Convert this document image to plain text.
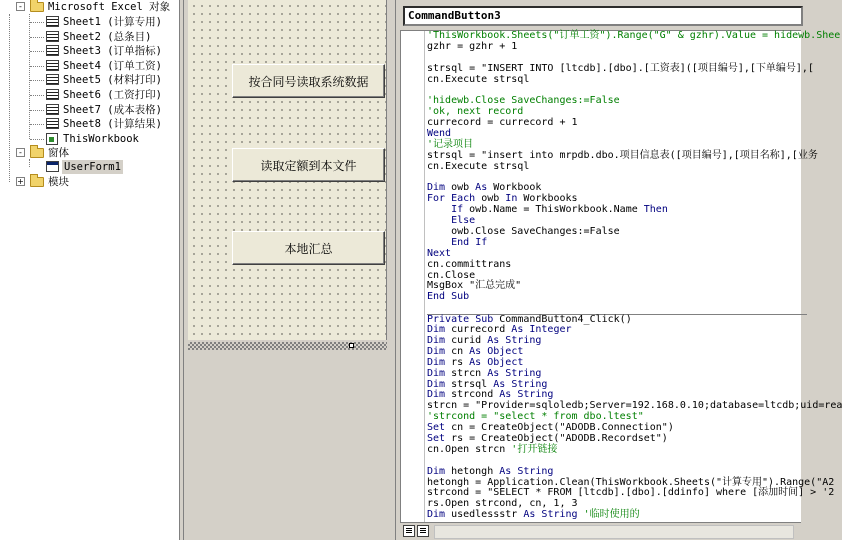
- Microsoft Excel 对象
Sheet1 (计算专用)
Sheet2 (总条目)
Sheet3 (订单指标)
Sheet4 (订单工资)
Sheet5 (材料打印)
Sheet6 (工资打印)
Sheet7 (成本表格)
Sheet8 (计算结果)
ThisWorkbook
- 窗体
UserForm1
+ 模块
按合同号读取系统数据
读取定额到本文件
本地汇总
CommandButton3
'ThisWorkbook.Sheets("订单工资").Range("G" & gzhr).Value = hidewb.Shee
gzhr = gzhr + 1

strsql = "INSERT INTO [ltcdb].[dbo].[工资表]([项目编号],[下单编号],[
cn.Execute strsql

'hidewb.Close SaveChanges:=False
'ok, next record
currecord = currecord + 1
Wend
'记录项目
strsql = "insert into mrpdb.dbo.项目信息表([项目编号],[项目名称],[业务
cn.Execute strsql

Dim owb As Workbook
For Each owb In Workbooks
If owb.Name = ThisWorkbook.Name Then
Else
owb.Close SaveChanges:=False
End If
Next
cn.committrans
cn.Close
MsgBox "汇总完成"
End Sub

Private Sub CommandButton4_Click()
Dim currecord As Integer
Dim curid As String
Dim cn As Object
Dim rs As Object
Dim strcn As String
Dim strsql As String
Dim strcond As String
strcn = "Provider=sqloledb;Server=192.168.0.10;database=ltcdb;uid=rea
'strcond = "select * from dbo.ltest"
Set cn = CreateObject("ADODB.Connection")
Set rs = CreateObject("ADODB.Recordset")
cn.Open strcn '打开链接

Dim hetongh As String
hetongh = Application.Clean(ThisWorkbook.Sheets("计算专用").Range("A2
strcond = "SELECT * FROM [ltcdb].[dbo].[ddinfo] where [添加时间] > '2
rs.Open strcond, cn, 1, 3
Dim usedlessstr As String '临时使用的
